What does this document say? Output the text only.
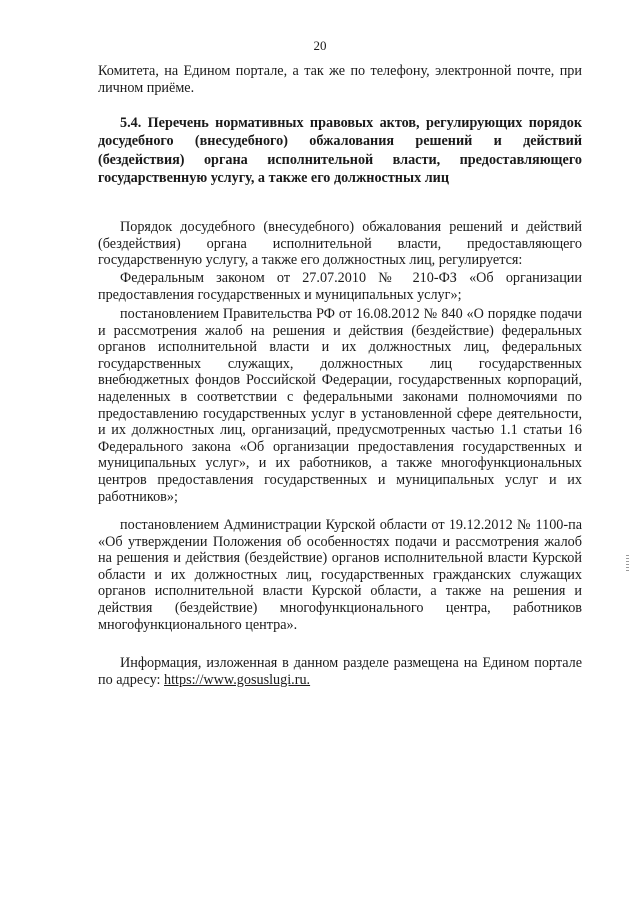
20

Комитета, на Едином портале, а так же по телефону, электронной почте, при личном приёме.

5.4. Перечень нормативных правовых актов, регулирующих порядок досудебного (внесудебного) обжалования решений и действий (бездействия) органа исполнительной власти, предоставляющего государственную услугу, а также его должностных лиц

Порядок досудебного (внесудебного) обжалования решений и действий (бездействия) органа исполнительной власти, предоставляющего государственную услугу, а также его должностных лиц, регулируется:

Федеральным законом от 27.07.2010 № 210-ФЗ «Об организации предоставления государственных и муниципальных услуг»;

постановлением Правительства РФ от 16.08.2012 № 840 «О порядке подачи и рассмотрения жалоб на решения и действия (бездействие) федеральных органов исполнительной власти и их должностных лиц, федеральных государственных служащих, должностных лиц государственных внебюджетных фондов Российской Федерации, государственных корпораций, наделенных в соответствии с федеральными законами полномочиями по предоставлению государственных услуг в установленной сфере деятельности, и их должностных лиц, организаций, предусмотренных частью 1.1 статьи 16 Федерального закона «Об организации предоставления государственных и муниципальных услуг», и их работников, а также многофункциональных центров предоставления государственных и муниципальных услуг и их работников»;

постановлением Администрации Курской области от 19.12.2012 № 1100-па «Об утверждении Положения об особенностях подачи и рассмотрения жалоб на решения и действия (бездействие) органов исполнительной власти Курской области и их должностных лиц, государственных гражданских служащих органов исполнительной власти Курской области, а также на решения и действия (бездействие) многофункционального центра, работников многофункционального центра».

Информация, изложенная в данном разделе размещена на Едином портале по адресу: https://www.gosuslugi.ru.
